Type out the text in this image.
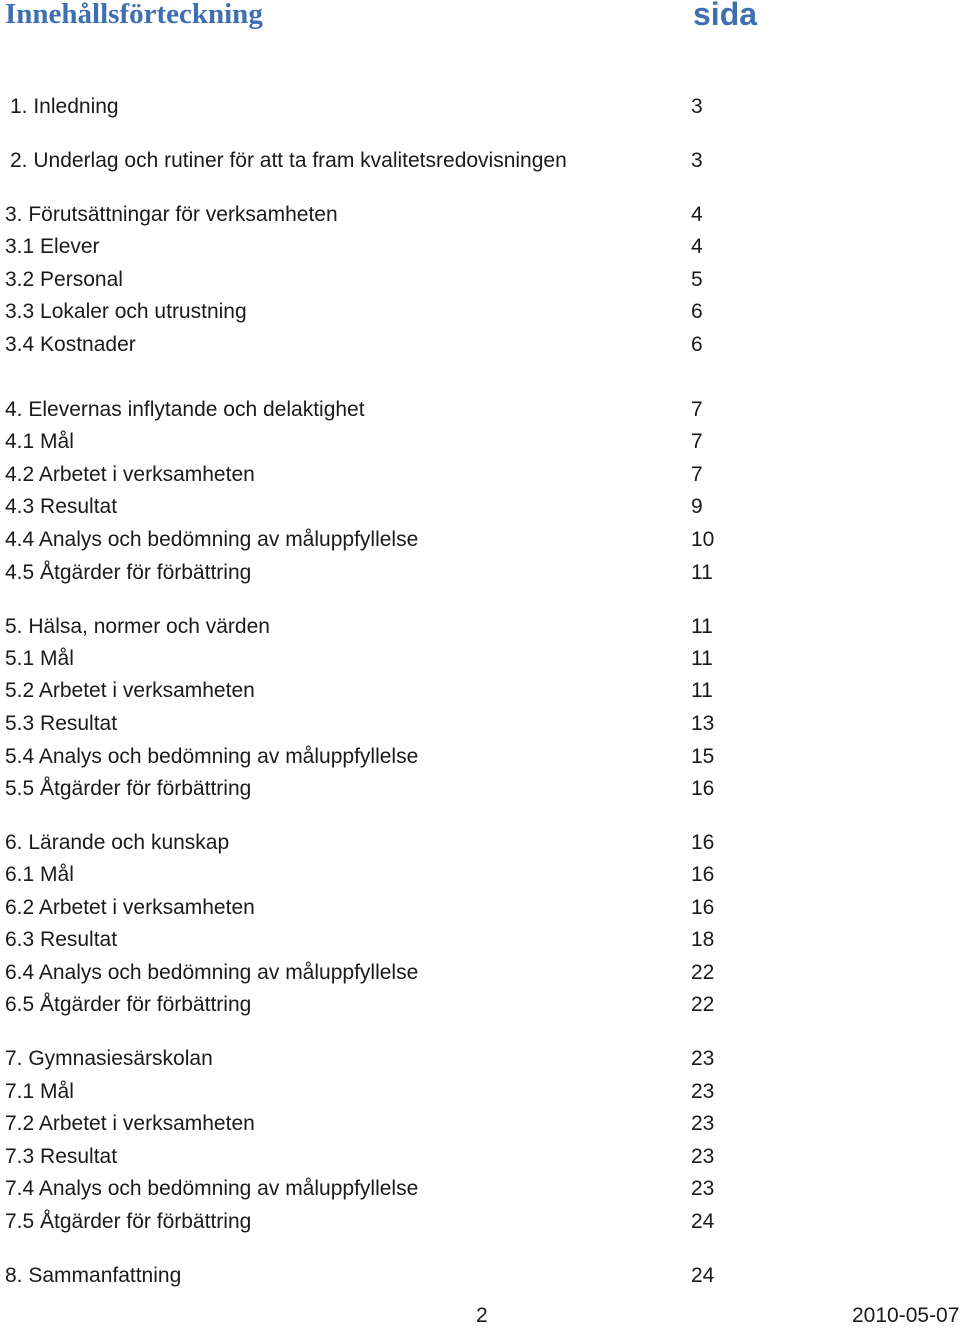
Innehållsförteckning	sida
1. Inledning	3
2. Underlag och rutiner för att ta fram kvalitetsredovisningen	3
3. Förutsättningar för verksamheten	4
3.1 Elever	4
3.2 Personal	5
3.3 Lokaler och utrustning	6
3.4 Kostnader	6
4. Elevernas inflytande och delaktighet	7
4.1 Mål	7
4.2 Arbetet i verksamheten	7
4.3 Resultat	9
4.4 Analys och bedömning av måluppfyllelse	10
4.5 Åtgärder för förbättring	11
5. Hälsa, normer och värden	11
5.1 Mål	11
5.2 Arbetet i verksamheten	11
5.3 Resultat	13
5.4 Analys och bedömning av måluppfyllelse	15
5.5 Åtgärder för förbättring	16
6. Lärande och kunskap	16
6.1 Mål	16
6.2 Arbetet i verksamheten	16
6.3 Resultat	18
6.4 Analys och bedömning av måluppfyllelse	22
6.5 Åtgärder för förbättring	22
7. Gymnasiesärskolan	23
7.1 Mål	23
7.2 Arbetet i verksamheten	23
7.3 Resultat	23
7.4 Analys och bedömning av måluppfyllelse	23
7.5 Åtgärder för förbättring	24
8. Sammanfattning	24
2	2010-05-07
